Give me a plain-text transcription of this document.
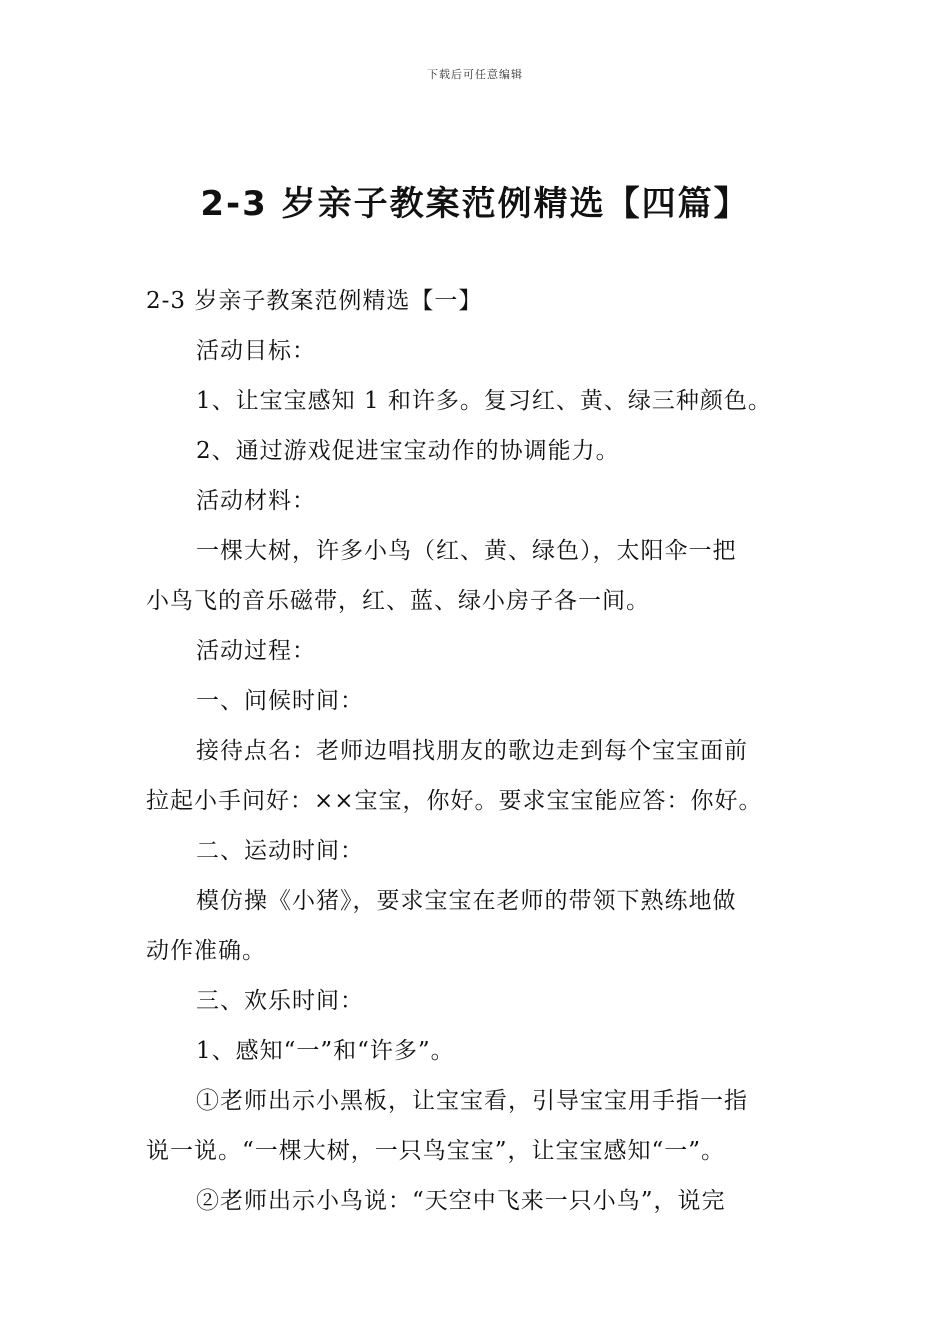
下载后可任意编辑
2-3 岁亲子教案范例精选【四篇】
2-3 岁亲子教案范例精选【一】
活动目标：
1、让宝宝感知 1 和许多。复习红、黄、绿三种颜色。
2、通过游戏促进宝宝动作的协调能力。
活动材料：
一棵大树，许多小鸟（红、黄、绿色），太阳伞一把
小鸟飞的音乐磁带，红、蓝、绿小房子各一间。
活动过程：
一、问候时间：
接待点名：老师边唱找朋友的歌边走到每个宝宝面前
拉起小手问好：××宝宝，你好。要求宝宝能应答：你好。
二、运动时间：
模仿操《小猪》，要求宝宝在老师的带领下熟练地做
动作准确。
三、欢乐时间：
1、感知“一”和“许多”。
①老师出示小黑板，让宝宝看，引导宝宝用手指一指
说一说。“一棵大树，一只鸟宝宝”，让宝宝感知“一”。
②老师出示小鸟说：“天空中飞来一只小鸟”，说完
